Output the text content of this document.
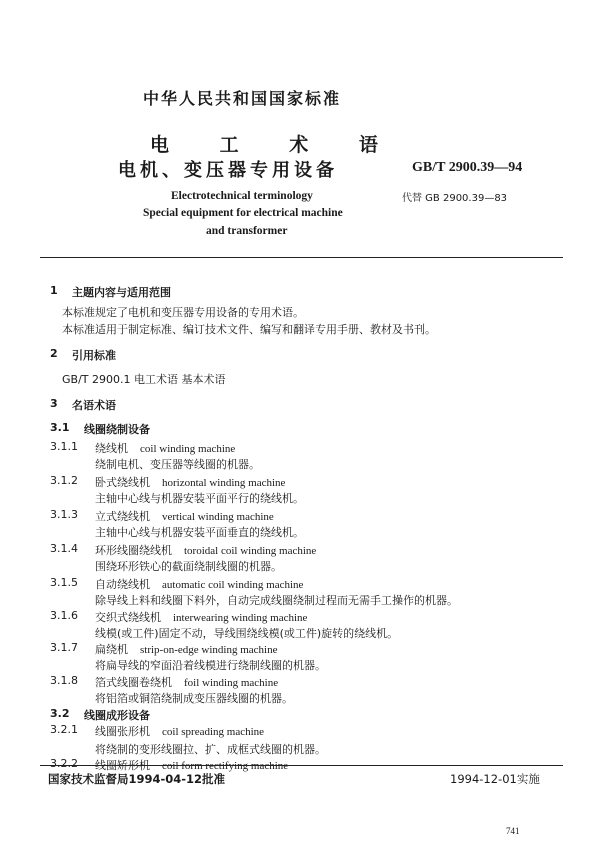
中华人民共和国国家标准
电 工 术 语
电机、变压器专用设备	GB/T 2900.39—94
Electrotechnical terminology
Special equipment for electrical machine
and transformer
代替 GB 2900.39—83
1 主题内容与适用范围
本标准规定了电机和变压器专用设备的专用术语。
本标准适用于制定标准、编订技术文件、编写和翻译专用手册、教材及书刊。
2 引用标准
GB/T 2900.1 电工术语 基本术语
3 名语术语
3.1 线圈绕制设备
3.1.1 绕线机 coil winding machine
绕制电机、变压器等线圈的机器。
3.1.2 卧式绕线机 horizontal winding machine
主轴中心线与机器安装平面平行的绕线机。
3.1.3 立式绕线机 vertical winding machine
主轴中心线与机器安装平面垂直的绕线机。
3.1.4 环形线圈绕线机 toroidal coil winding machine
围绕环形铁心的截面绕制线圈的机器。
3.1.5 自动绕线机 automatic coil winding machine
除导线上料和线圈下料外，自动完成线圈绕制过程而无需手工操作的机器。
3.1.6 交织式绕线机 interwearing winding machine
线模(或工件)固定不动，导线围绕线模(或工件)旋转的绕线机。
3.1.7 扁绕机 strip-on-edge winding machine
将扁导线的窄面沿着线模进行绕制线圈的机器。
3.1.8 箔式线圈卷绕机 foil winding machine
将铝箔或铜箔绕制成变压器线圈的机器。
3.2 线圈成形设备
3.2.1 线圈张形机 coil spreading machine
将绕制的变形线圈拉、扩、成框式线圈的机器。
3.2.2 线圈矫形机 coil form rectifying machine
国家技术监督局1994-04-12批准	1994-12-01实施
741
